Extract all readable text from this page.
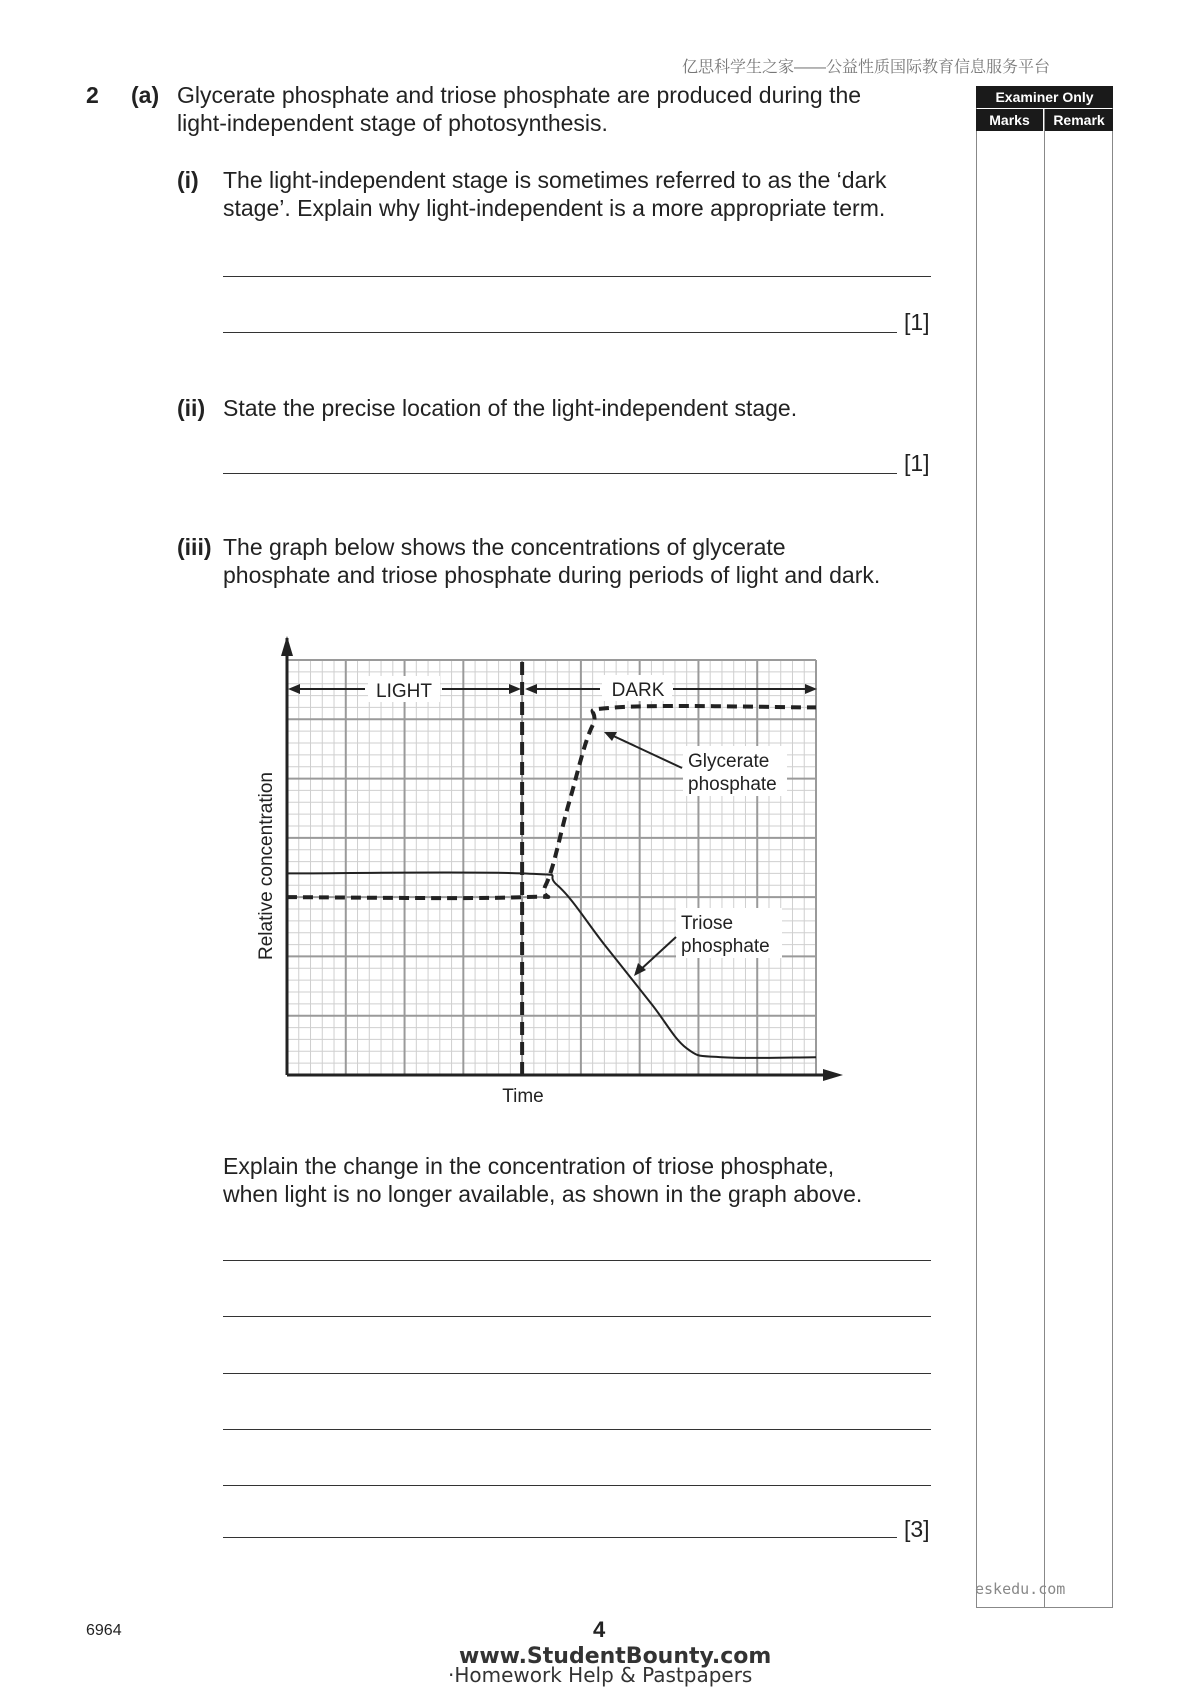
亿思科学生之家——公益性质国际教育信息服务平台
Examiner Only
Marks	Remark
2 (a) Glycerate phosphate and triose phosphate are produced during the
light-independent stage of photosynthesis.
(i) The light-independent stage is sometimes referred to as the ‘dark
stage’. Explain why light-independent is a more appropriate term.
[1]
(ii) State the precise location of the light-independent stage.
[1]
(iii) The graph below shows the concentrations of glycerate
phosphate and triose phosphate during periods of light and dark.
LIGHT	DARK
Glycerate
phosphate
Triose
phosphate
Time
Relative concentration
Explain the change in the concentration of triose phosphate,
when light is no longer available, as shown in the graph above.
[3]
eskedu.com
6964	4
www.StudentBounty.com
·Homework Help & Pastpapers
